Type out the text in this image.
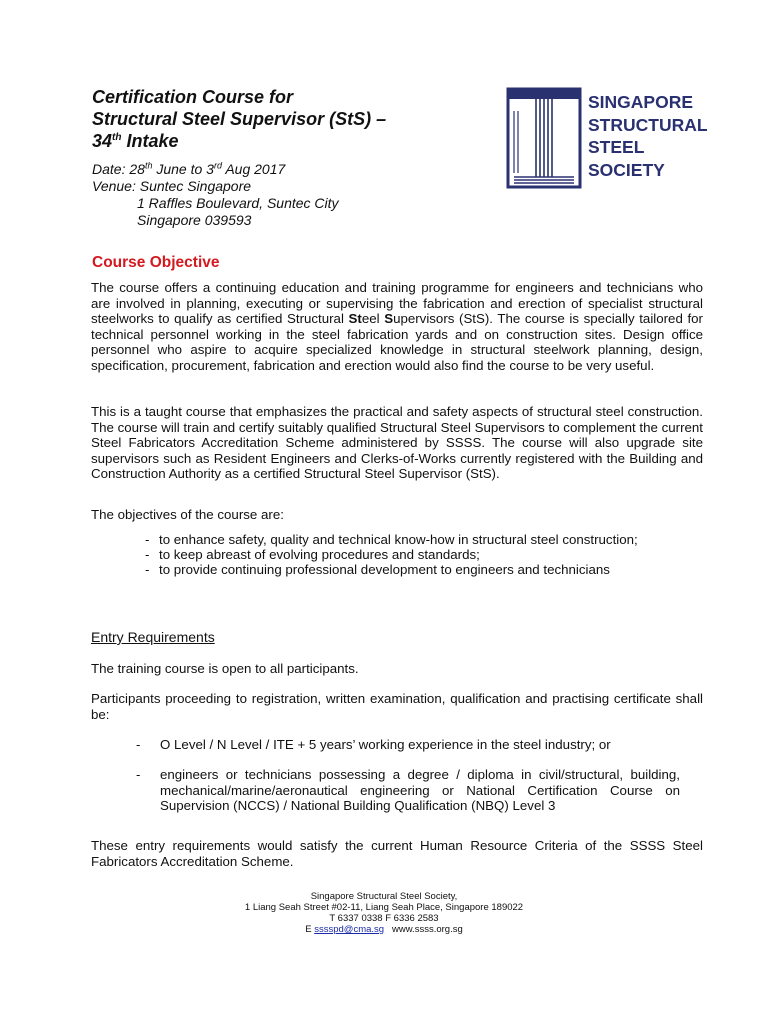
Certification Course for
Structural Steel Supervisor (StS) –
34th Intake
Date: 28th June to 3rd Aug 2017
Venue: Suntec Singapore
1 Raffles Boulevard, Suntec City
Singapore 039593
SINGAPORE
STRUCTURAL
STEEL
SOCIETY
Course Objective
The course offers a continuing education and training programme for engineers and technicians who are involved in planning, executing or supervising the fabrication and erection of specialist structural steelworks to qualify as certified Structural Steel Supervisors (StS). The course is specially tailored for technical personnel working in the steel fabrication yards and on construction sites. Design office personnel who aspire to acquire specialized knowledge in structural steelwork planning, design, specification, procurement, fabrication and erection would also find the course to be very useful.
This is a taught course that emphasizes the practical and safety aspects of structural steel construction. The course will train and certify suitably qualified Structural Steel Supervisors to complement the current Steel Fabricators Accreditation Scheme administered by SSSS. The course will also upgrade site supervisors such as Resident Engineers and Clerks-of-Works currently registered with the Building and Construction Authority as a certified Structural Steel Supervisor (StS).
The objectives of the course are:
- to enhance safety, quality and technical know-how in structural steel construction;
- to keep abreast of evolving procedures and standards;
- to provide continuing professional development to engineers and technicians
Entry Requirements
The training course is open to all participants.
Participants proceeding to registration, written examination, qualification and practising certificate shall be:
- O Level / N Level / ITE + 5 years’ working experience in the steel industry; or
- engineers or technicians possessing a degree / diploma in civil/structural, building, mechanical/marine/aeronautical engineering or National Certification Course on Supervision (NCCS) / National Building Qualification (NBQ) Level 3
These entry requirements would satisfy the current Human Resource Criteria of the SSSS Steel Fabricators Accreditation Scheme.
Singapore Structural Steel Society,
1 Liang Seah Street #02-11, Liang Seah Place, Singapore 189022
T 6337 0338 F 6336 2583
E sssspd@cma.sg www.ssss.org.sg
